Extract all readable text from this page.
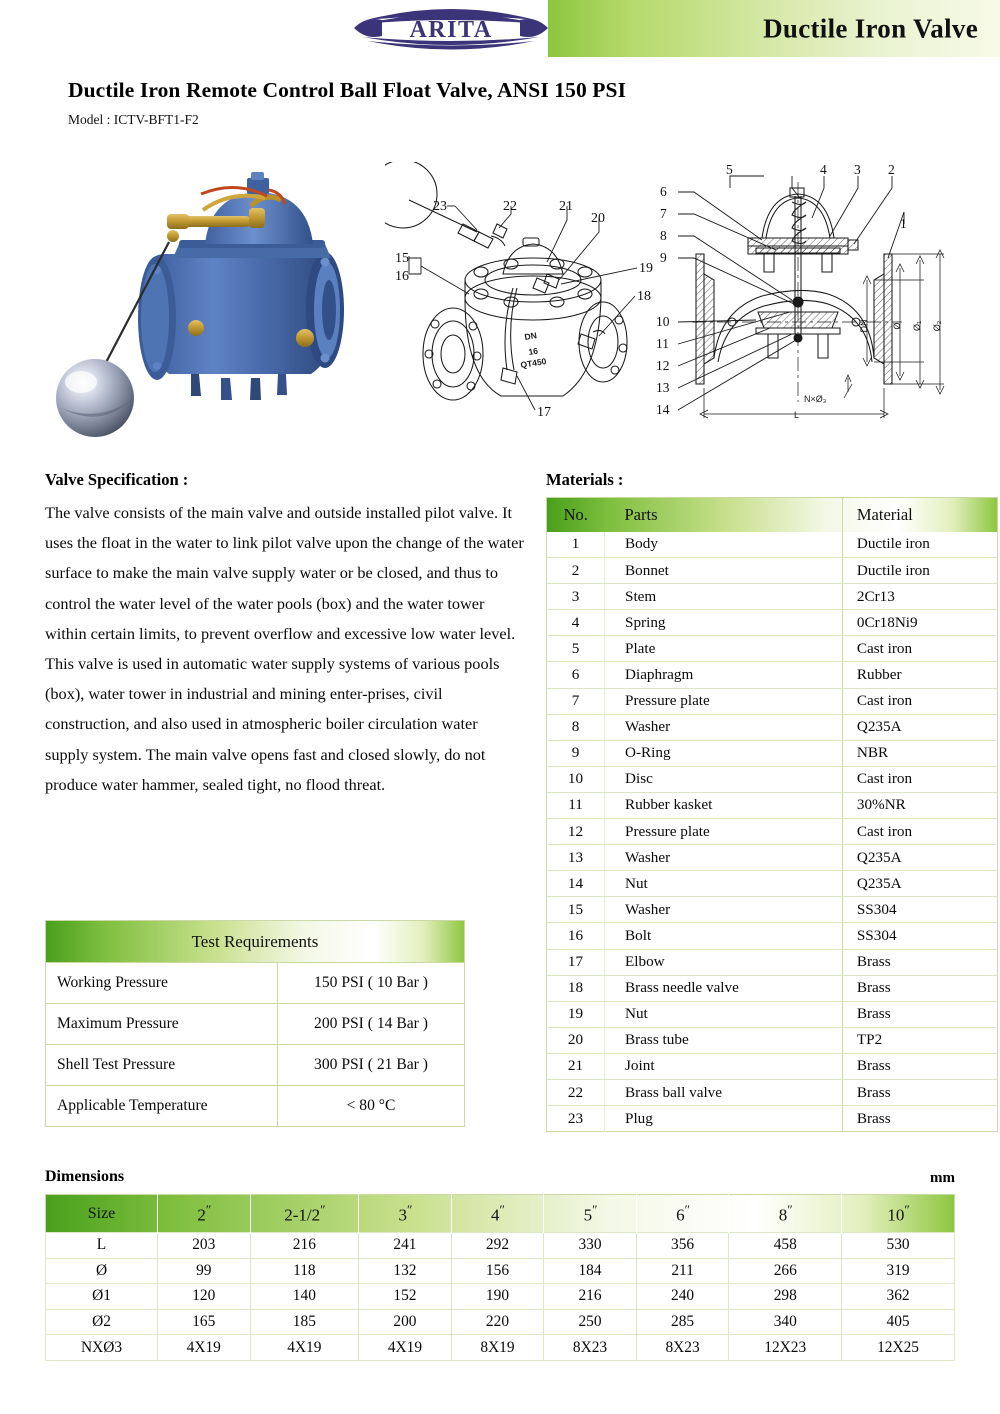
Ductile Iron Valve
ARITA
Ductile Iron Remote Control Ball Float Valve, ANSI 150 PSI
Model : ICTV-BFT1-F2
DN
16
QT450
23	22	21
20
19
18
17
15
16
DN	Ø Ø₁ Ø₂
L
N×Ø₃
6
7
8
9
10
11
12
13
14
5	4 3 2
1
Valve Specification :
The valve consists of the main valve and outside installed pilot valve. It uses the float in the water to link pilot valve upon the change of the water surface to make the main valve supply water or be closed, and thus to control the water level of the water pools (box) and the water tower within certain limits, to prevent overflow and excessive low water level. This valve is used in automatic water supply systems of various pools (box), water tower in industrial and mining enter-prises, civil construction, and also used in atmospheric boiler circulation water supply system. The main valve opens fast and closed slowly, do not produce water hammer, sealed tight, no flood threat.
Test Requirements	
Working Pressure	150 PSI ( 10 Bar )
Maximum Pressure	200 PSI ( 14 Bar )
Shell Test Pressure	300 PSI ( 21 Bar )
Applicable Temperature	< 80 °C
Materials :
No.	Parts	Material
1	Body	Ductile iron
2	Bonnet	Ductile iron
3	Stem	2Cr13
4	Spring	0Cr18Ni9
5	Plate	Cast iron
6	Diaphragm	Rubber
7	Pressure plate	Cast iron
8	Washer	Q235A
9	O-Ring	NBR
10	Disc	Cast iron
11	Rubber kasket	30%NR
12	Pressure plate	Cast iron
13	Washer	Q235A
14	Nut	Q235A
15	Washer	SS304
16	Bolt	SS304
17	Elbow	Brass
18	Brass needle valve	Brass
19	Nut	Brass
20	Brass tube	TP2
21	Joint	Brass
22	Brass ball valve	Brass
23	Plug	Brass
Dimensions	mm
Size	2″	2-1/2″	3″	4″	5″	6″	8″	10″
L	203	216	241	292	330	356	458	530
Ø	99	118	132	156	184	211	266	319
Ø1	120	140	152	190	216	240	298	362
Ø2	165	185	200	220	250	285	340	405
NXØ3	4X19	4X19	4X19	8X19	8X23	8X23	12X23	12X25
